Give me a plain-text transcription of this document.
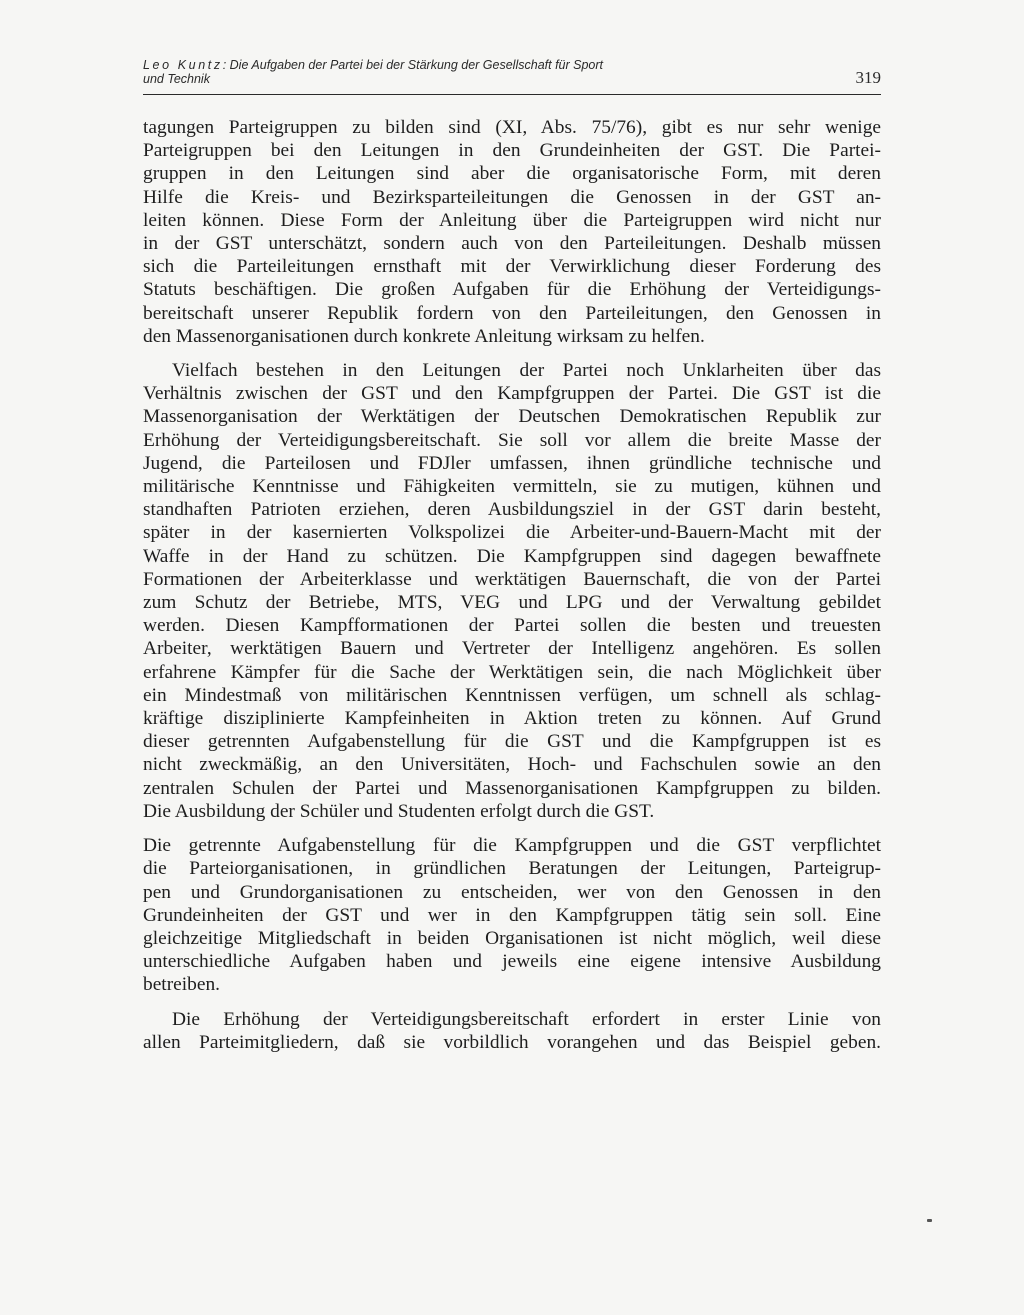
Leo Kuntz: Die Aufgaben der Partei bei der Stärkung der Gesellschaft für Sport
und Technik	319
tagungen Parteigruppen zu bilden sind (XI, Abs. 75/76), gibt es nur sehr wenige
Parteigruppen bei den Leitungen in den Grundeinheiten der GST. Die Partei-
gruppen in den Leitungen sind aber die organisatorische Form, mit deren
Hilfe die Kreis- und Bezirksparteileitungen die Genossen in der GST an-
leiten können. Diese Form der Anleitung über die Parteigruppen wird nicht nur
in der GST unterschätzt, sondern auch von den Parteileitungen. Deshalb müssen
sich die Parteileitungen ernsthaft mit der Verwirklichung dieser Forderung des
Statuts beschäftigen. Die großen Aufgaben für die Erhöhung der Verteidigungs-
bereitschaft unserer Republik fordern von den Parteileitungen, den Genossen in
den Massenorganisationen durch konkrete Anleitung wirksam zu helfen.
Vielfach bestehen in den Leitungen der Partei noch Unklarheiten über das
Verhältnis zwischen der GST und den Kampfgruppen der Partei. Die GST ist die
Massenorganisation der Werktätigen der Deutschen Demokratischen Republik zur
Erhöhung der Verteidigungsbereitschaft. Sie soll vor allem die breite Masse der
Jugend, die Parteilosen und FDJler umfassen, ihnen gründliche technische und
militärische Kenntnisse und Fähigkeiten vermitteln, sie zu mutigen, kühnen und
standhaften Patrioten erziehen, deren Ausbildungsziel in der GST darin besteht,
später in der kasernierten Volkspolizei die Arbeiter-und-Bauern-Macht mit der
Waffe in der Hand zu schützen. Die Kampfgruppen sind dagegen bewaffnete
Formationen der Arbeiterklasse und werktätigen Bauernschaft, die von der Partei
zum Schutz der Betriebe, MTS, VEG und LPG und der Verwaltung gebildet
werden. Diesen Kampfformationen der Partei sollen die besten und treuesten
Arbeiter, werktätigen Bauern und Vertreter der Intelligenz angehören. Es sollen
erfahrene Kämpfer für die Sache der Werktätigen sein, die nach Möglichkeit über
ein Mindestmaß von militärischen Kenntnissen verfügen, um schnell als schlag-
kräftige disziplinierte Kampfeinheiten in Aktion treten zu können. Auf Grund
dieser getrennten Aufgabenstellung für die GST und die Kampfgruppen ist es
nicht zweckmäßig, an den Universitäten, Hoch- und Fachschulen sowie an den
zentralen Schulen der Partei und Massenorganisationen Kampfgruppen zu bilden.
Die Ausbildung der Schüler und Studenten erfolgt durch die GST.
Die getrennte Aufgabenstellung für die Kampfgruppen und die GST verpflichtet
die Parteiorganisationen, in gründlichen Beratungen der Leitungen, Parteigrup-
pen und Grundorganisationen zu entscheiden, wer von den Genossen in den
Grundeinheiten der GST und wer in den Kampfgruppen tätig sein soll. Eine
gleichzeitige Mitgliedschaft in beiden Organisationen ist nicht möglich, weil diese
unterschiedliche Aufgaben haben und jeweils eine eigene intensive Ausbildung
betreiben.
Die Erhöhung der Verteidigungsbereitschaft erfordert in erster Linie von
allen Parteimitgliedern, daß sie vorbildlich vorangehen und das Beispiel geben.
